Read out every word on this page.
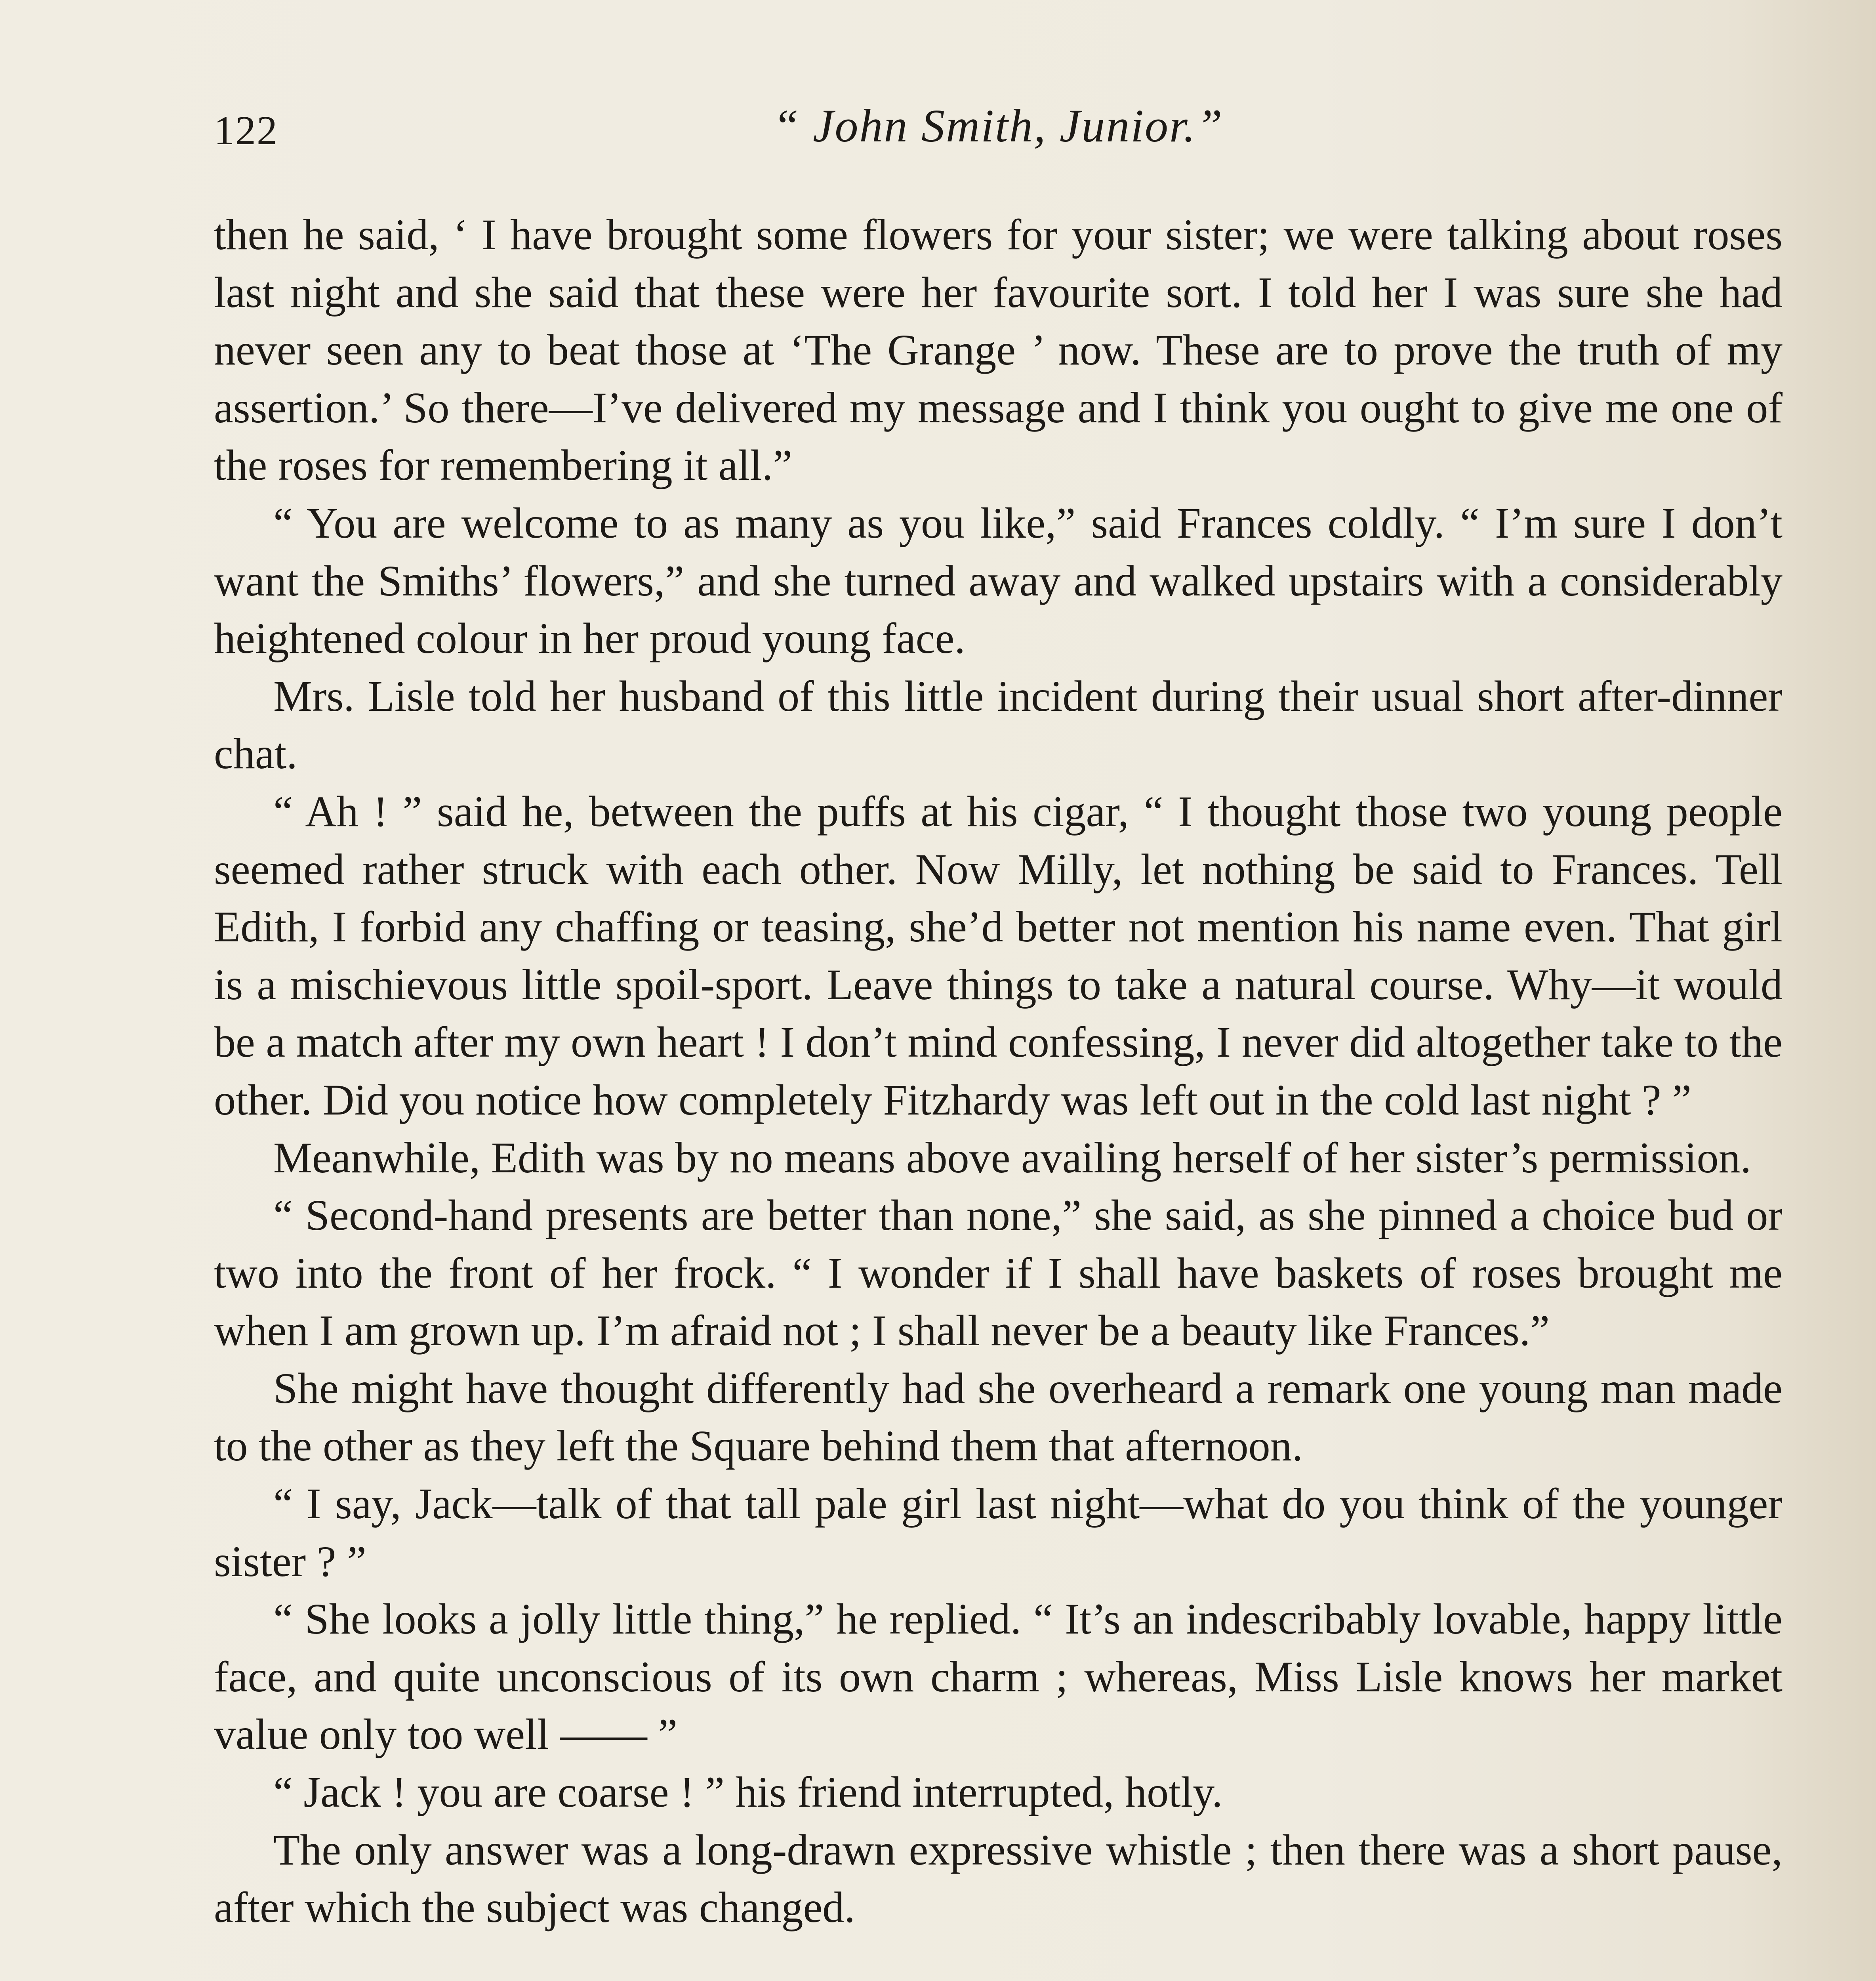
122	“ John Smith, Junior.”

then he said, ‘ I have brought some flowers for your sister; we were talking about roses last night and she said that these were her favourite sort. I told her I was sure she had never seen any to beat those at ‘The Grange ’ now. These are to prove the truth of my assertion.’ So there—I’ve delivered my message and I think you ought to give me one of the roses for remembering it all.”

“ You are welcome to as many as you like,” said Frances coldly. “ I’m sure I don’t want the Smiths’ flowers,” and she turned away and walked upstairs with a considerably heightened colour in her proud young face.

Mrs. Lisle told her husband of this little incident during their usual short after-dinner chat.

“ Ah ! ” said he, between the puffs at his cigar, “ I thought those two young people seemed rather struck with each other. Now Milly, let nothing be said to Frances. Tell Edith, I forbid any chaffing or teasing, she’d better not mention his name even. That girl is a mischievous little spoil-sport. Leave things to take a natural course. Why—it would be a match after my own heart ! I don’t mind confessing, I never did altogether take to the other. Did you notice how completely Fitzhardy was left out in the cold last night ? ”

Meanwhile, Edith was by no means above availing herself of her sister’s permission.

“ Second-hand presents are better than none,” she said, as she pinned a choice bud or two into the front of her frock. “ I wonder if I shall have baskets of roses brought me when I am grown up. I’m afraid not ; I shall never be a beauty like Frances.”

She might have thought differently had she overheard a remark one young man made to the other as they left the Square behind them that afternoon.

“ I say, Jack—talk of that tall pale girl last night—what do you think of the younger sister ? ”

“ She looks a jolly little thing,” he replied. “ It’s an indescribably lovable, happy little face, and quite unconscious of its own charm ; whereas, Miss Lisle knows her market value only too well —— ”

“ Jack ! you are coarse ! ” his friend interrupted, hotly.

The only answer was a long-drawn expressive whistle ; then there was a short pause, after which the subject was changed.
